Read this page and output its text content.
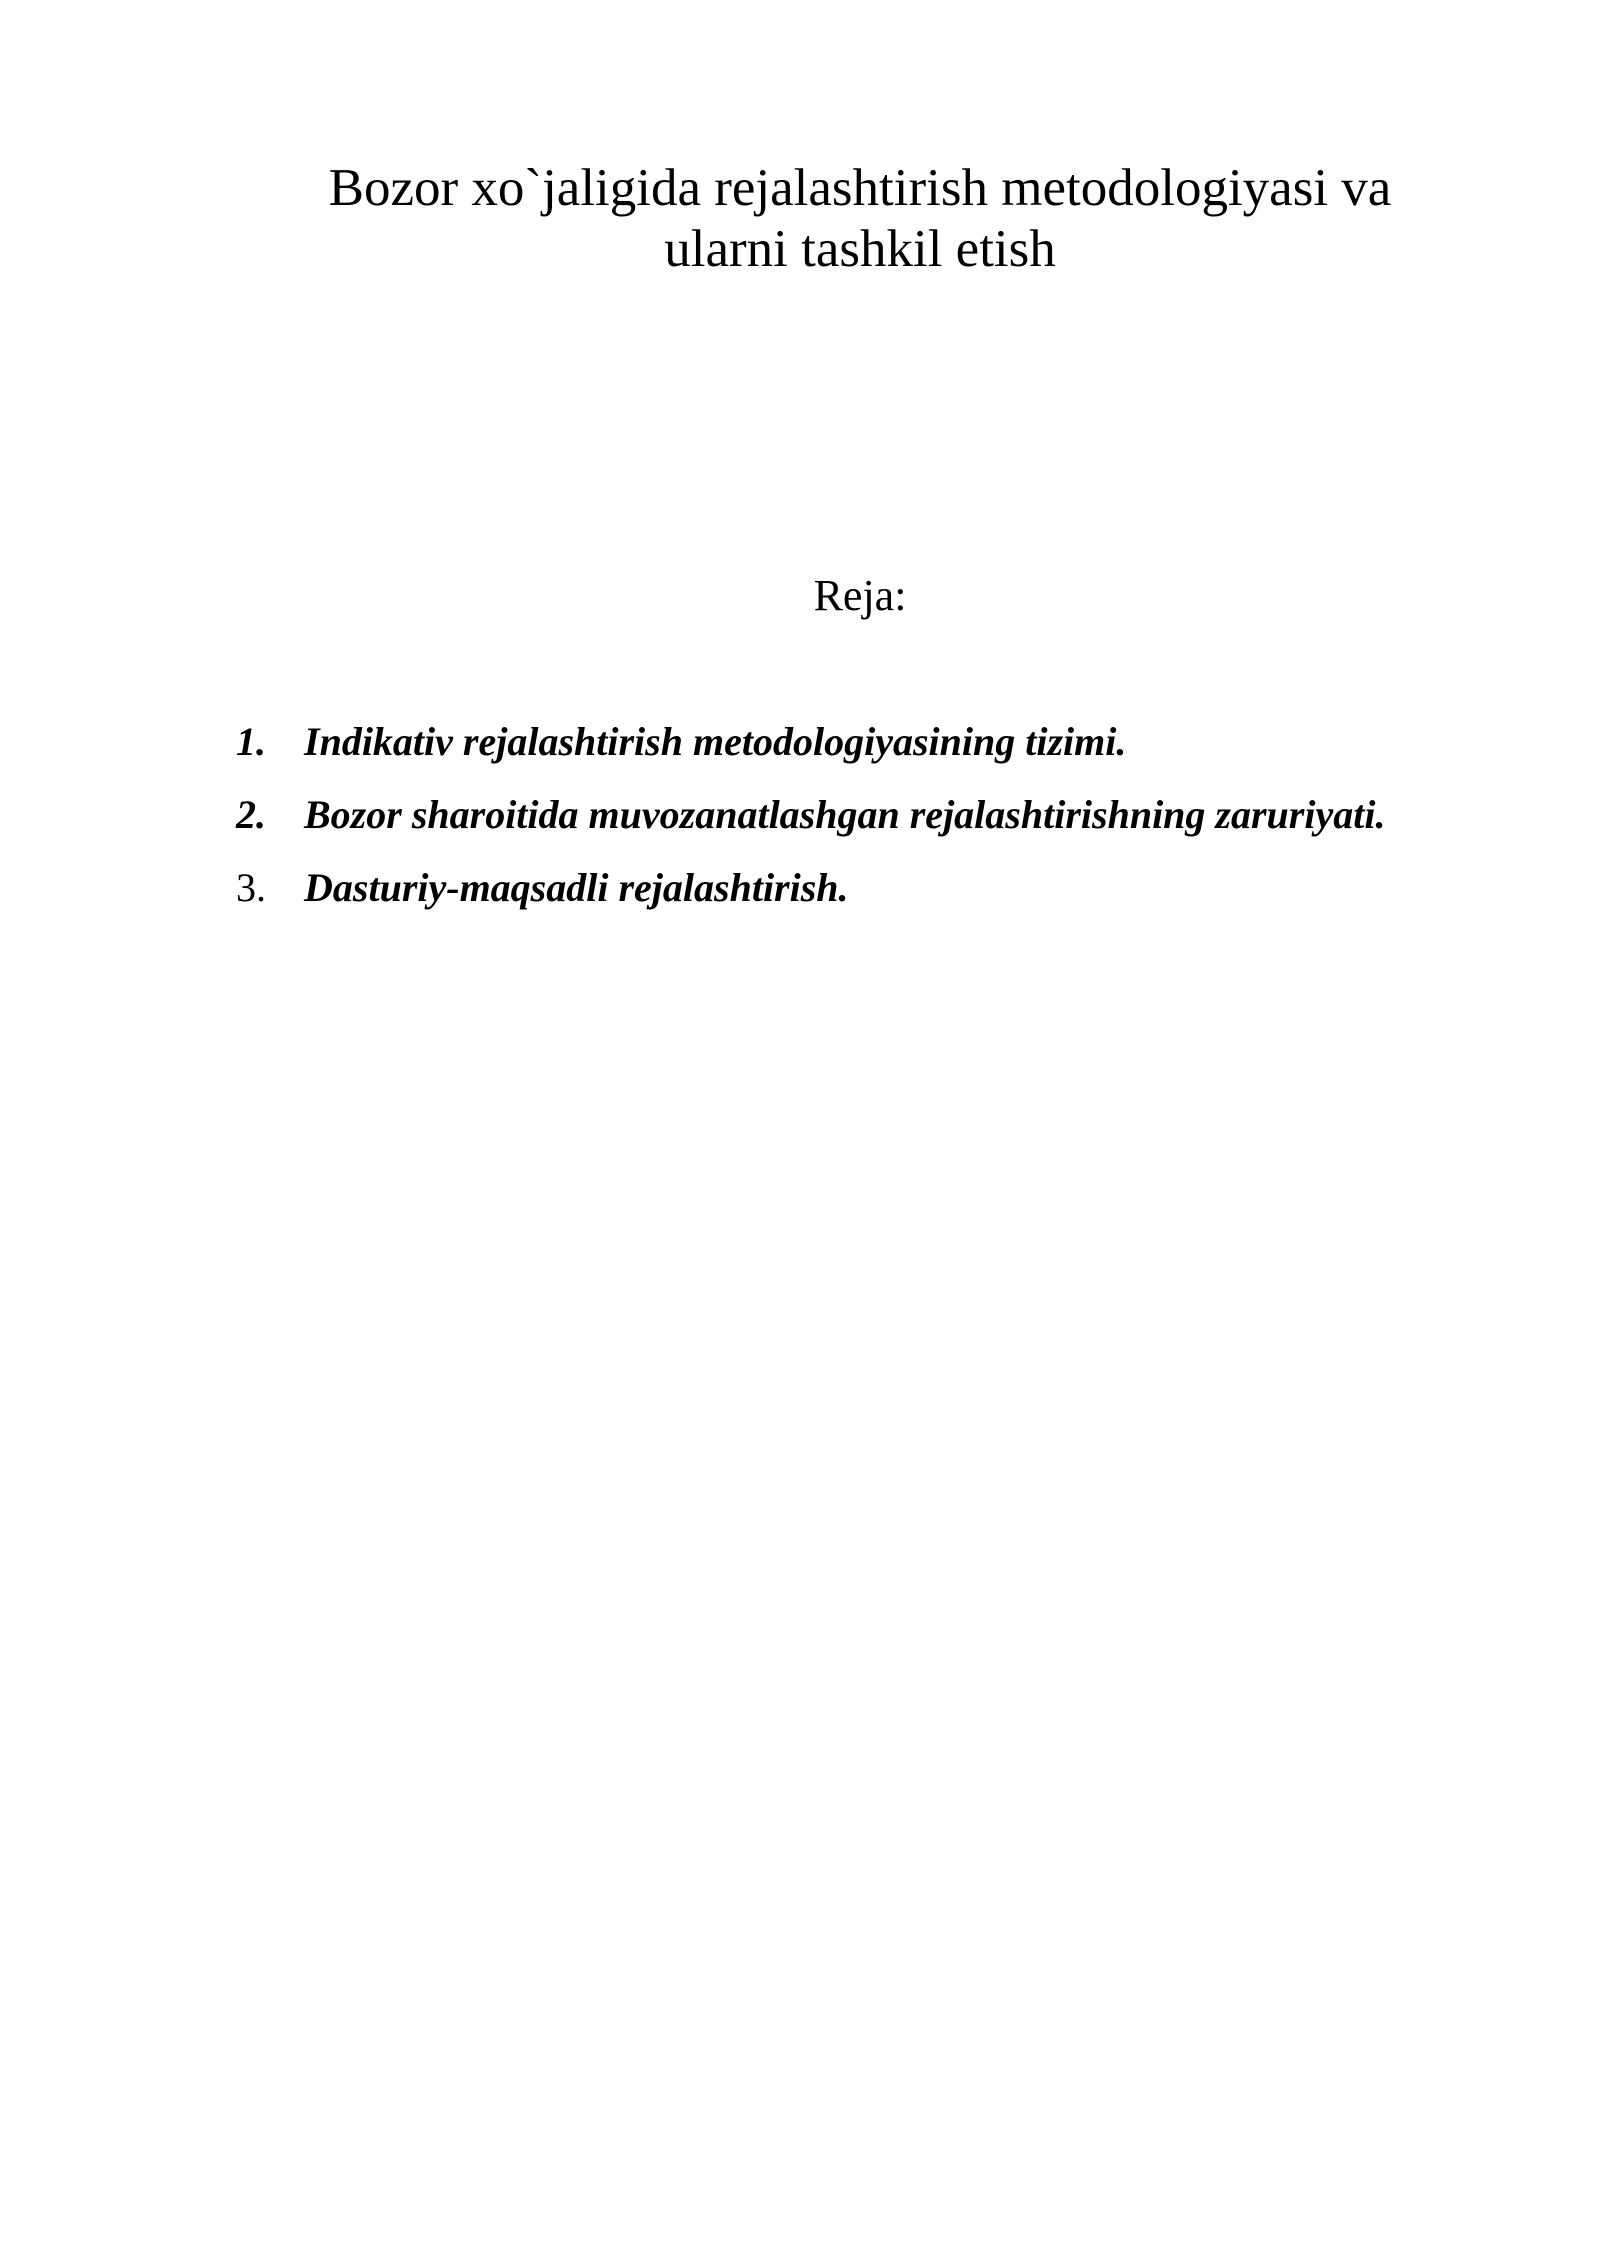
Bozor xo`jaligida rejalashtirish metodologiyasi va
ularni tashkil etish
Reja:
1. Indikativ rejalashtirish metodologiyasining tizimi.
2. Bozor sharoitida muvozanatlashgan rejalashtirishning zaruriyati.
3. Dasturiy-maqsadli rejalashtirish.
